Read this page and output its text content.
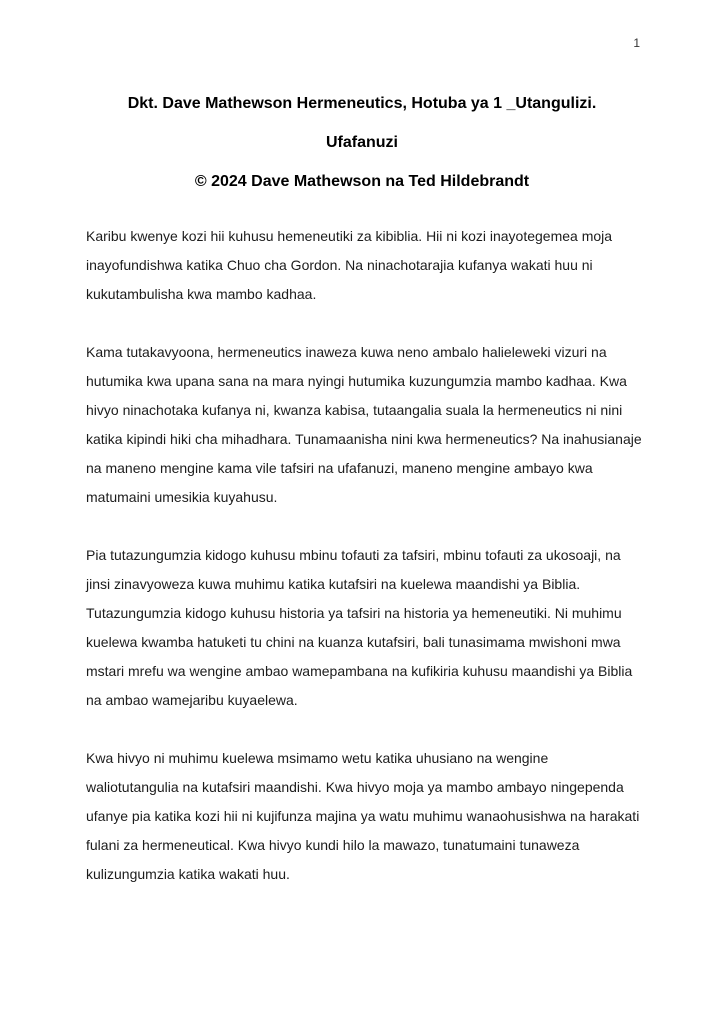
1
Dkt. Dave Mathewson Hermeneutics, Hotuba ya 1 _Utangulizi.
Ufafanuzi
© 2024 Dave Mathewson na Ted Hildebrandt

Karibu kwenye kozi hii kuhusu hemeneutiki za kibiblia. Hii ni kozi inayotegemea moja inayofundishwa katika Chuo cha Gordon. Na ninachotarajia kufanya wakati huu ni kukutambulisha kwa mambo kadhaa.

Kama tutakavyoona, hermeneutics inaweza kuwa neno ambalo halieleweki vizuri na hutumika kwa upana sana na mara nyingi hutumika kuzungumzia mambo kadhaa. Kwa hivyo ninachotaka kufanya ni, kwanza kabisa, tutaangalia suala la hermeneutics ni nini katika kipindi hiki cha mihadhara. Tunamaanisha nini kwa hermeneutics? Na inahusianaje na maneno mengine kama vile tafsiri na ufafanuzi, maneno mengine ambayo kwa matumaini umesikia kuyahusu.

Pia tutazungumzia kidogo kuhusu mbinu tofauti za tafsiri, mbinu tofauti za ukosoaji, na jinsi zinavyoweza kuwa muhimu katika kutafsiri na kuelewa maandishi ya Biblia. Tutazungumzia kidogo kuhusu historia ya tafsiri na historia ya hemeneutiki. Ni muhimu kuelewa kwamba hatuketi tu chini na kuanza kutafsiri, bali tunasimama mwishoni mwa mstari mrefu wa wengine ambao wamepambana na kufikiria kuhusu maandishi ya Biblia na ambao wamejaribu kuyaelewa.

Kwa hivyo ni muhimu kuelewa msimamo wetu katika uhusiano na wengine waliotutangulia na kutafsiri maandishi. Kwa hivyo moja ya mambo ambayo ningependa ufanye pia katika kozi hii ni kujifunza majina ya watu muhimu wanaohusishwa na harakati fulani za hermeneutical. Kwa hivyo kundi hilo la mawazo, tunatumaini tunaweza kulizungumzia katika wakati huu.
